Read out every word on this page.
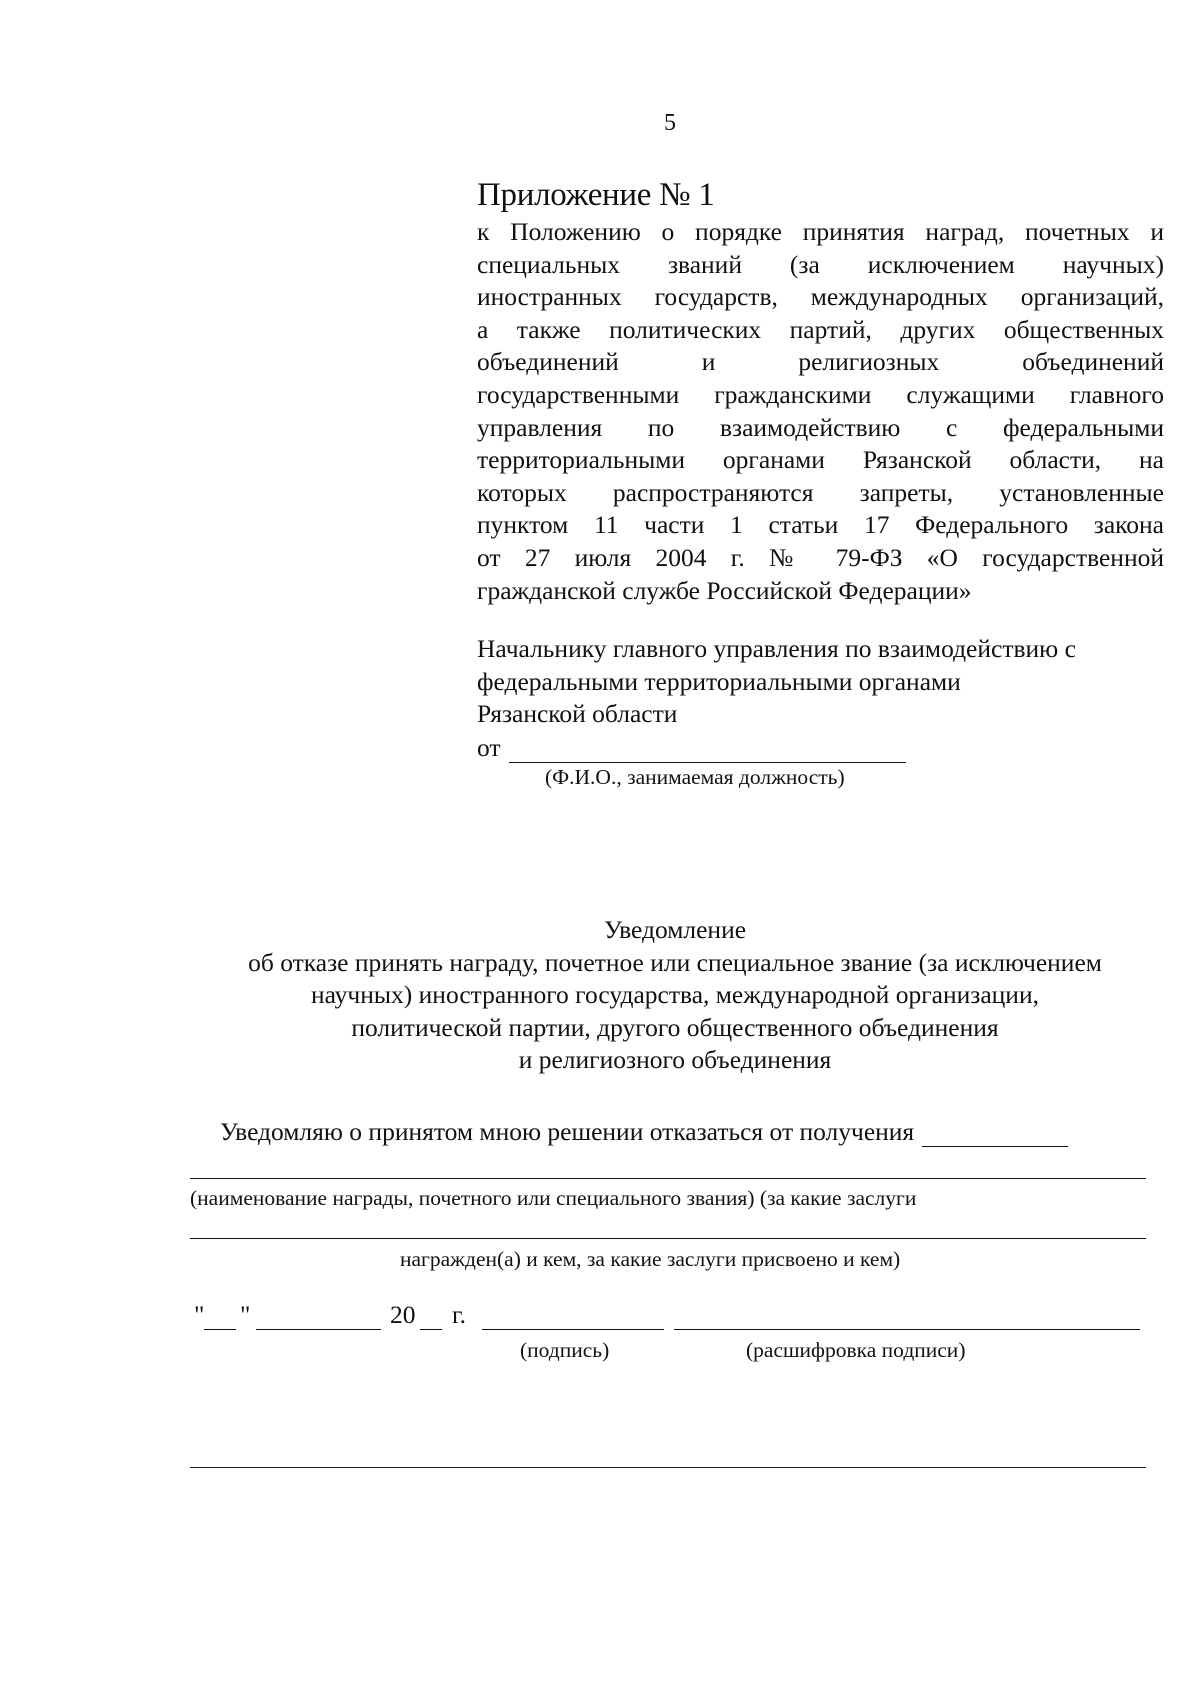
5
Приложение № 1
к Положению о порядке принятия наград, почетных и
специальных званий (за исключением научных)
иностранных государств, международных организаций,
а также политических партий, других общественных
объединений и религиозных объединений
государственными гражданскими служащими главного
управления по взаимодействию с федеральными
территориальными органами Рязанской области, на
которых распространяются запреты, установленные
пунктом 11 части 1 статьи 17 Федерального закона
от 27 июля 2004 г. № 79-ФЗ «О государственной
гражданской службе Российской Федерации»
Начальнику главного управления по взаимодействию с
федеральными территориальными органами
Рязанской области
от
(Ф.И.О., занимаемая должность)
Уведомление
об отказе принять награду, почетное или специальное звание (за исключением
научных) иностранного государства, международной организации,
политической партии, другого общественного объединения
и религиозного объединения
Уведомляю о принятом мною решении отказаться от получения
(наименование награды, почетного или специального звания) (за какие заслуги
награжден(а) и кем, за какие заслуги присвоено и кем)
" "	20 г.
(подпись)	(расшифровка подписи)
